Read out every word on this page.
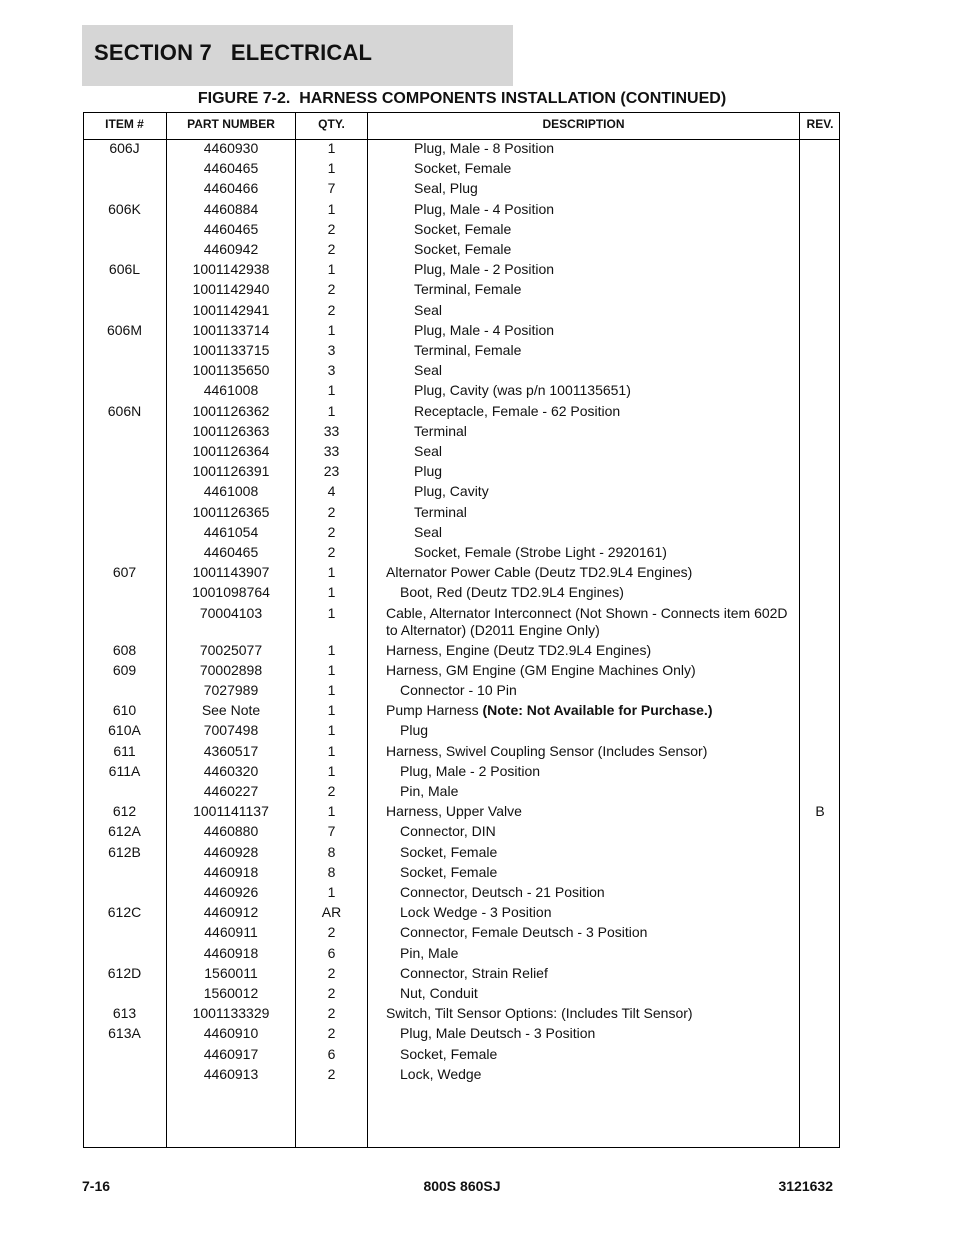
SECTION 7   ELECTRICAL
FIGURE 7-2.  HARNESS COMPONENTS INSTALLATION (CONTINUED)
ITEM #	PART NUMBER	QTY.	DESCRIPTION	REV.
606J	4460930	1	Plug, Male - 8 Position
4460465	1	Socket, Female
4460466	7	Seal, Plug
606K	4460884	1	Plug, Male - 4 Position
4460465	2	Socket, Female
4460942	2	Socket, Female
606L	1001142938	1	Plug, Male - 2 Position
1001142940	2	Terminal, Female
1001142941	2	Seal
606M	1001133714	1	Plug, Male - 4 Position
1001133715	3	Terminal, Female
1001135650	3	Seal
4461008	1	Plug, Cavity (was p/n 1001135651)
606N	1001126362	1	Receptacle, Female - 62 Position
1001126363	33	Terminal
1001126364	33	Seal
1001126391	23	Plug
4461008	4	Plug, Cavity
1001126365	2	Terminal
4461054	2	Seal
4460465	2	Socket, Female (Strobe Light - 2920161)
607	1001143907	1	Alternator Power Cable (Deutz TD2.9L4 Engines)
1001098764	1	Boot, Red (Deutz TD2.9L4 Engines)
70004103	1	Cable, Alternator Interconnect (Not Shown - Connects item 602D to Alternator) (D2011 Engine Only)
608	70025077	1	Harness, Engine (Deutz TD2.9L4 Engines)
609	70002898	1	Harness, GM Engine (GM Engine Machines Only)
7027989	1	Connector - 10 Pin
610	See Note	1	Pump Harness (Note: Not Available for Purchase.)
610A	7007498	1	Plug
611	4360517	1	Harness, Swivel Coupling Sensor (Includes Sensor)
611A	4460320	1	Plug, Male - 2 Position
4460227	2	Pin, Male
612	1001141137	1	Harness, Upper Valve	B
612A	4460880	7	Connector, DIN
612B	4460928	8	Socket, Female
4460918	8	Socket, Female
4460926	1	Connector, Deutsch - 21 Position
612C	4460912	AR	Lock Wedge - 3 Position
4460911	2	Connector, Female Deutsch - 3 Position
4460918	6	Pin, Male
612D	1560011	2	Connector, Strain Relief
1560012	2	Nut, Conduit
613	1001133329	2	Switch, Tilt Sensor Options: (Includes Tilt Sensor)
613A	4460910	2	Plug, Male Deutsch - 3 Position
4460917	6	Socket, Female
4460913	2	Lock, Wedge
7-16	800S 860SJ	3121632
